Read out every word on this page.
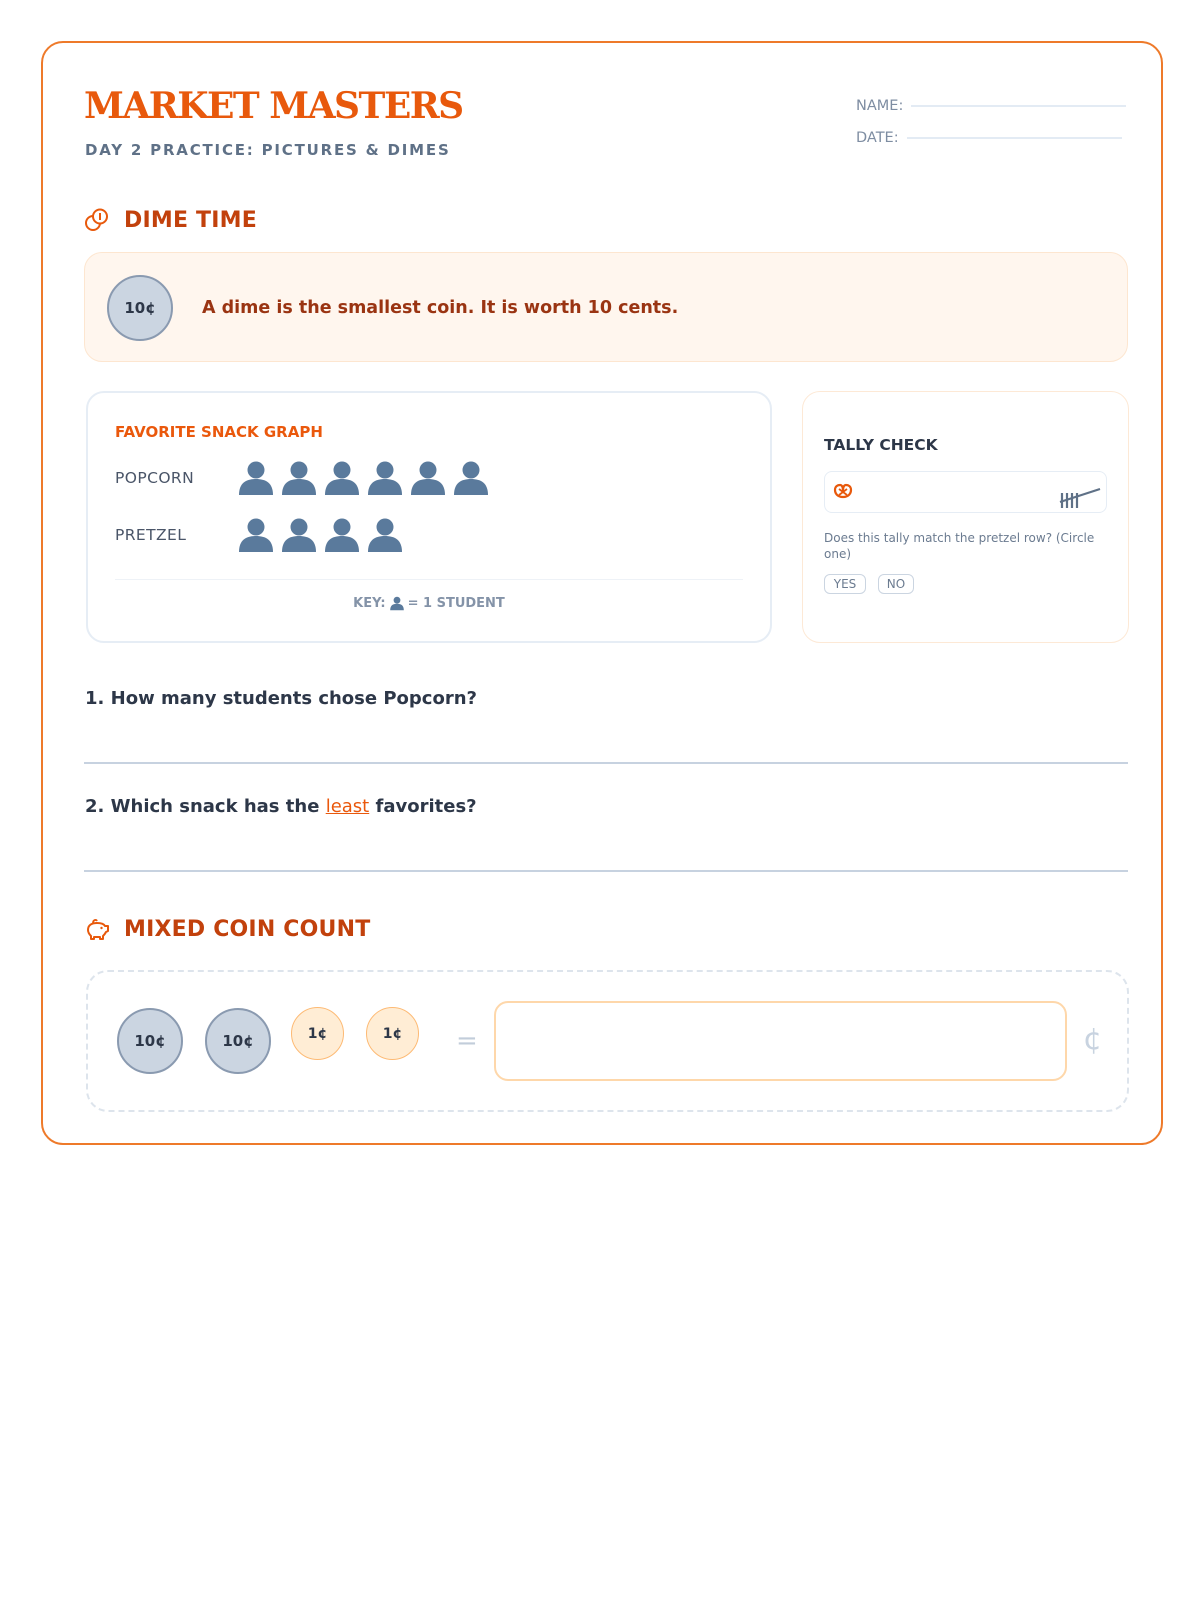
MARKET MASTERS
DAY 2 PRACTICE: PICTURES & DIMES
NAME:
DATE:
DIME TIME
10¢	A dime is the smallest coin. It is worth 10 cents.
FAVORITE SNACK GRAPH
POPCORN
PRETZEL
KEY: = 1 STUDENT
TALLY CHECK
Does this tally match the pretzel row? (Circle one)
YES	NO
1. How many students chose Popcorn?
2. Which snack has the least favorites?
MIXED COIN COUNT
10¢	10¢	1¢	1¢	=	¢
